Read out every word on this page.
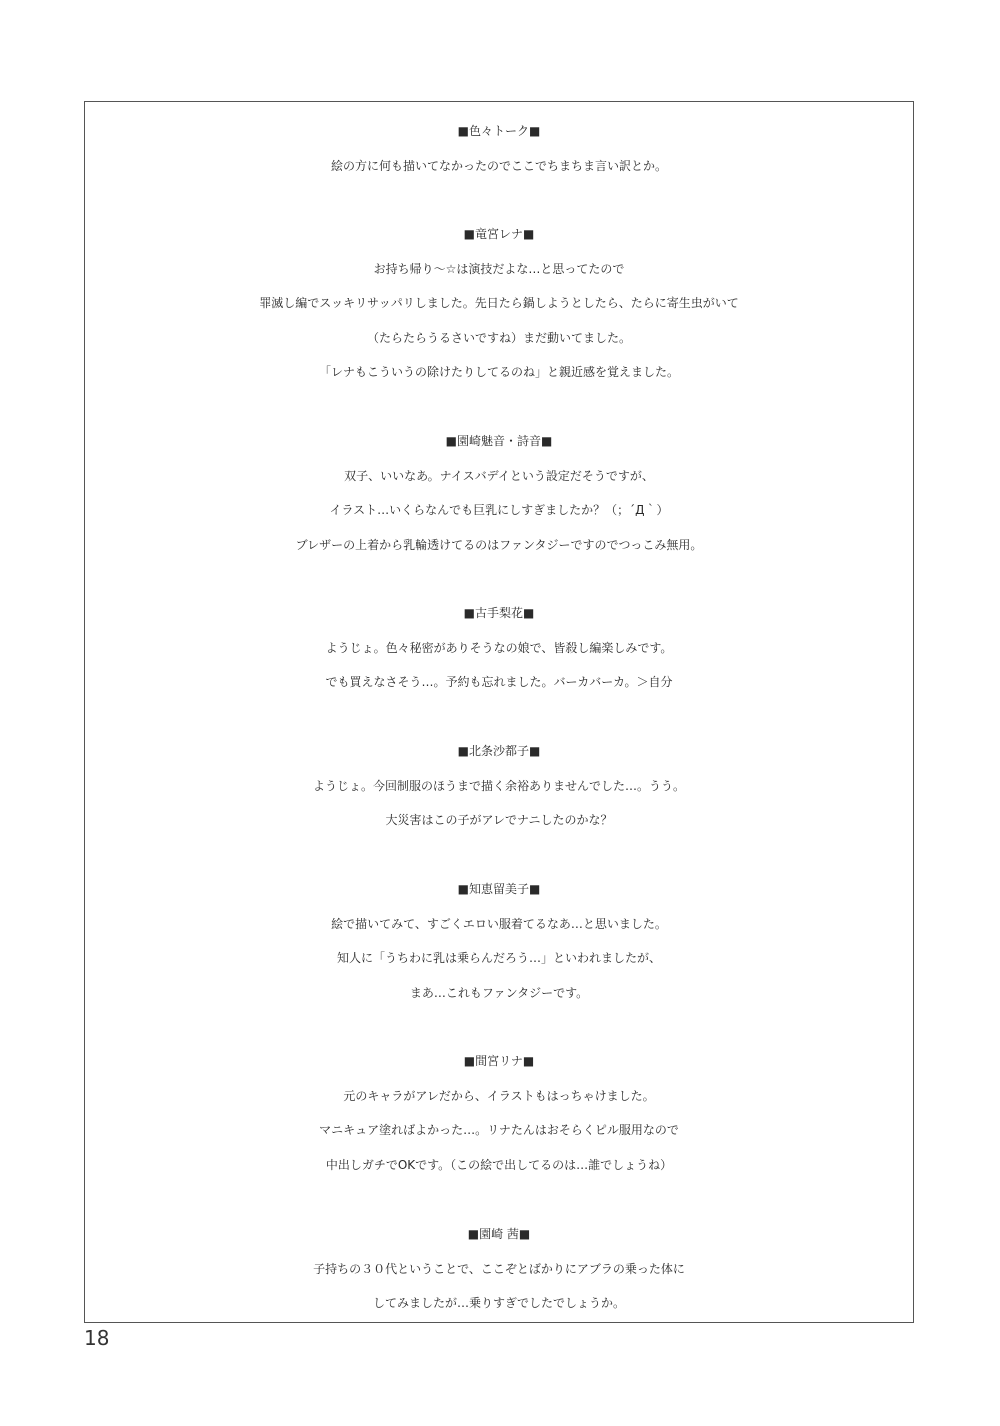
■色々トーク■
絵の方に何も描いてなかったのでここでちまちま言い訳とか。
■竜宮レナ■
お持ち帰り～☆は演技だよな…と思ってたので
罪滅し編でスッキリサッパリしました。先日たら鍋しようとしたら、たらに寄生虫がいて
（たらたらうるさいですね）まだ動いてました。
「レナもこういうの除けたりしてるのね」と親近感を覚えました。
■園崎魅音・詩音■
双子、いいなあ。ナイスバデイという設定だそうですが、
イラスト…いくらなんでも巨乳にしすぎましたか？（；´Д｀）
ブレザーの上着から乳輪透けてるのはファンタジーですのでつっこみ無用。
■古手梨花■
ようじょ。色々秘密がありそうなの娘で、皆殺し編楽しみです。
でも買えなさそう…。予約も忘れました。バーカバーカ。＞自分
■北条沙都子■
ようじょ。今回制服のほうまで描く余裕ありませんでした…。うう。
大災害はこの子がアレでナニしたのかな？
■知恵留美子■
絵で描いてみて、すごくエロい服着てるなあ…と思いました。
知人に「うちわに乳は乗らんだろう…」といわれましたが、
まあ…これもファンタジーです。
■間宮リナ■
元のキャラがアレだから、イラストもはっちゃけました。
マニキュア塗ればよかった…。リナたんはおそらくピル服用なので
中出しガチでOKです。（この絵で出してるのは…誰でしょうね）
■園崎 茜■
子持ちの３０代ということで、ここぞとばかりにアブラの乗った体に
してみましたが…乗りすぎでしたでしょうか。
18
